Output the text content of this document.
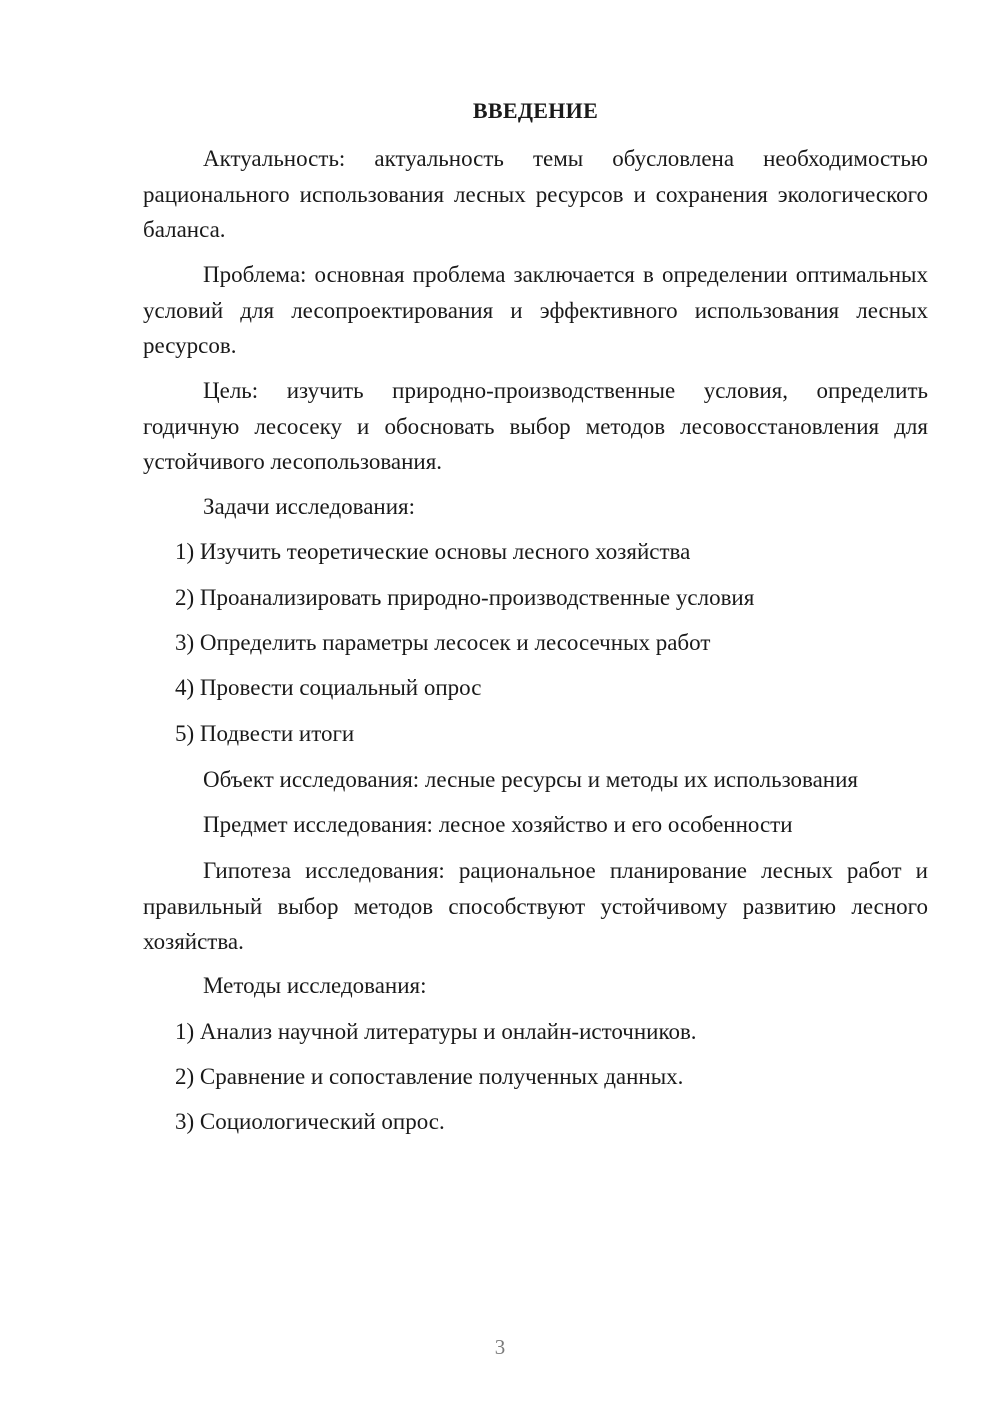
ВВЕДЕНИЕ
Актуальность: актуальность темы обусловлена необходимостью рационального использования лесных ресурсов и сохранения экологического баланса.
Проблема: основная проблема заключается в определении оптимальных условий для лесопроектирования и эффективного использования лесных ресурсов.
Цель: изучить природно-производственные условия, определить годичную лесосеку и обосновать выбор методов лесовосстановления для устойчивого лесопользования.
Задачи исследования:
1) Изучить теоретические основы лесного хозяйства
2) Проанализировать природно-производственные условия
3) Определить параметры лесосек и лесосечных работ
4) Провести социальный опрос
5) Подвести итоги
Объект исследования: лесные ресурсы и методы их использования
Предмет исследования: лесное хозяйство и его особенности
Гипотеза исследования: рациональное планирование лесных работ и правильный выбор методов способствуют устойчивому развитию лесного хозяйства.
Методы исследования:
1) Анализ научной литературы и онлайн-источников.
2) Сравнение и сопоставление полученных данных.
3) Социологический опрос.
3
